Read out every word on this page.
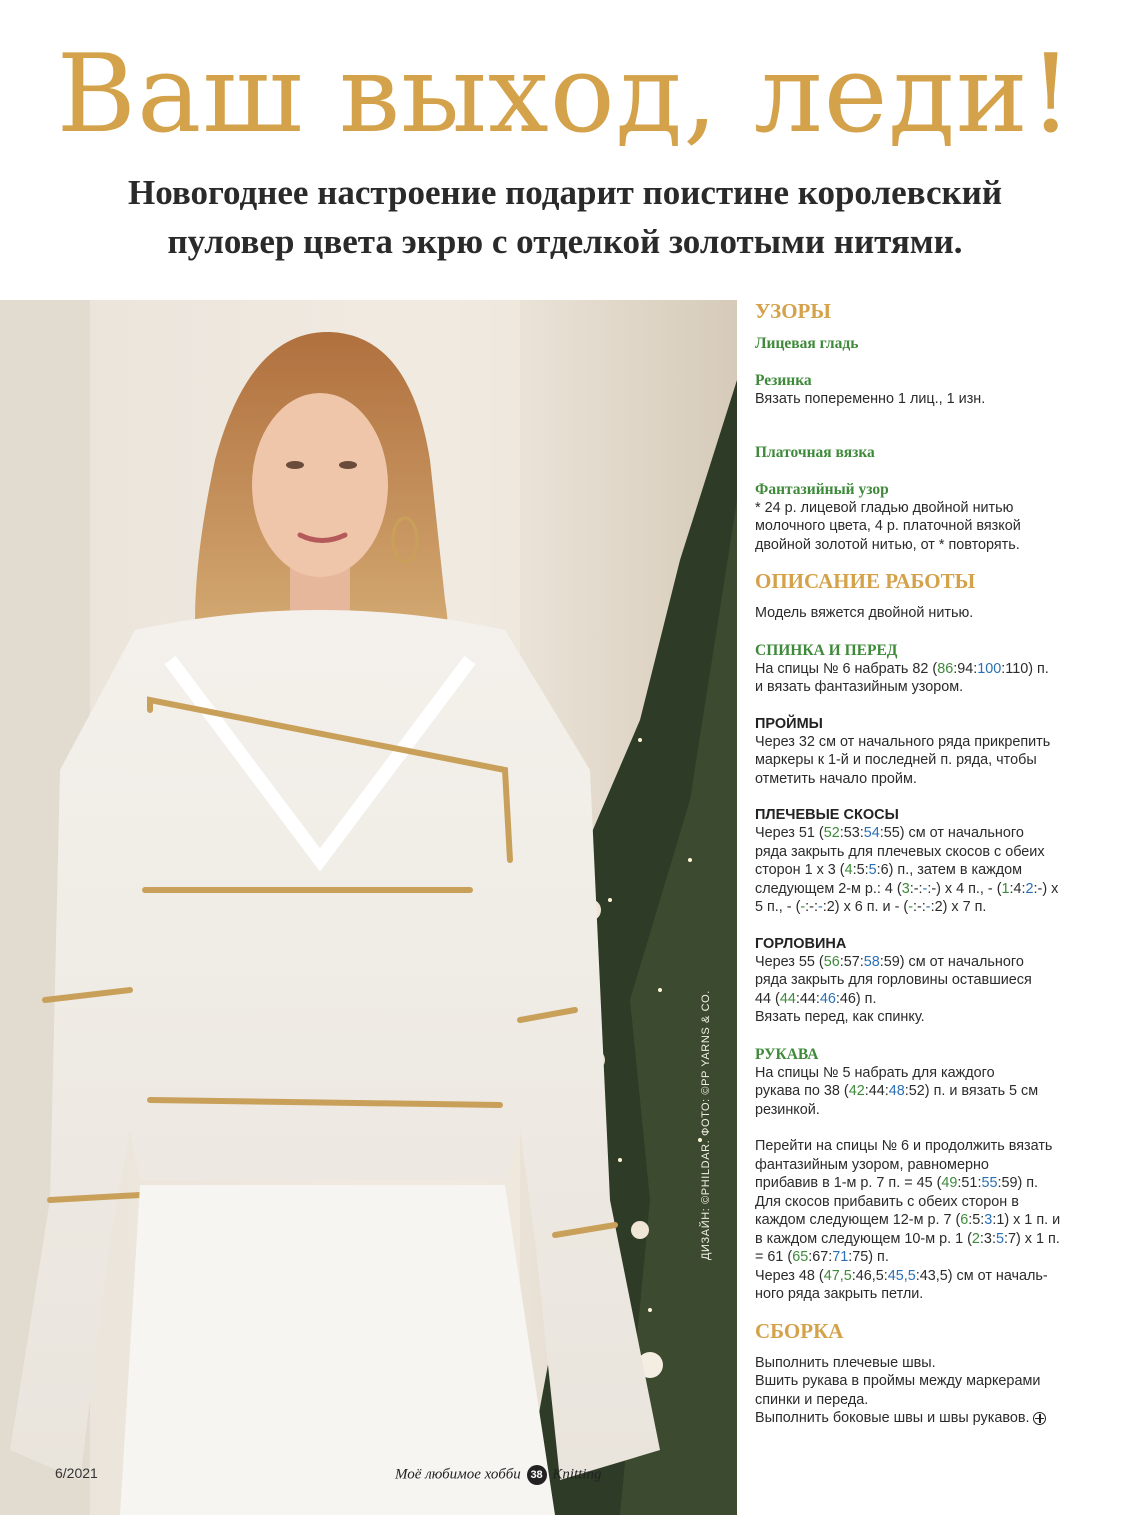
Ваш выход, леди!
Новогоднее настроение подарит поистине королевский
пуловер цвета экрю с отделкой золотыми нитями.
ДИЗАЙН: ©PHILDAR. ФОТО: ©PP YARNS & CO.
6/2021	Моё любимое хобби 38 Knitting
УЗОРЫ
Лицевая гладь
Резинка
Вязать попеременно 1 лиц., 1 изн.
Платочная вязка
Фантазийный узор
* 24 р. лицевой гладью двойной нитью
молочного цвета, 4 р. платочной вязкой
двойной золотой нитью, от * повторять.
ОПИСАНИЕ РАБОТЫ
Модель вяжется двойной нитью.
СПИНКА И ПЕРЕД
На спицы № 6 набрать 82 (86:94:100:110) п.
и вязать фантазийным узором.
ПРОЙМЫ
Через 32 см от начального ряда прикрепить
маркеры к 1-й и последней п. ряда, чтобы
отметить начало пройм.
ПЛЕЧЕВЫЕ СКОСЫ
Через 51 (52:53:54:55) см от начального
ряда закрыть для плечевых скосов с обеих
сторон 1 х 3 (4:5:5:6) п., затем в каждом
следующем 2-м р.: 4 (3:-:-:-) х 4 п., - (1:4:2:-) х
5 п., - (-:-:-:2) х 6 п. и - (-:-:-:2) х 7 п.
ГОРЛОВИНА
Через 55 (56:57:58:59) см от начального
ряда закрыть для горловины оставшиеся
44 (44:44:46:46) п.
Вязать перед, как спинку.
РУКАВА
На спицы № 5 набрать для каждого
рукава по 38 (42:44:48:52) п. и вязать 5 см
резинкой.
Перейти на спицы № 6 и продолжить вязать
фантазийным узором, равномерно
прибавив в 1-м р. 7 п. = 45 (49:51:55:59) п.
Для скосов прибавить с обеих сторон в
каждом следующем 12-м р. 7 (6:5:3:1) х 1 п. и
в каждом следующем 10-м р. 1 (2:3:5:7) х 1 п.
= 61 (65:67:71:75) п.
Через 48 (47,5:46,5:45,5:43,5) см от началь-
ного ряда закрыть петли.
СБОРКА
Выполнить плечевые швы.
Вшить рукава в проймы между маркерами
спинки и переда.
Выполнить боковые швы и швы рукавов.
